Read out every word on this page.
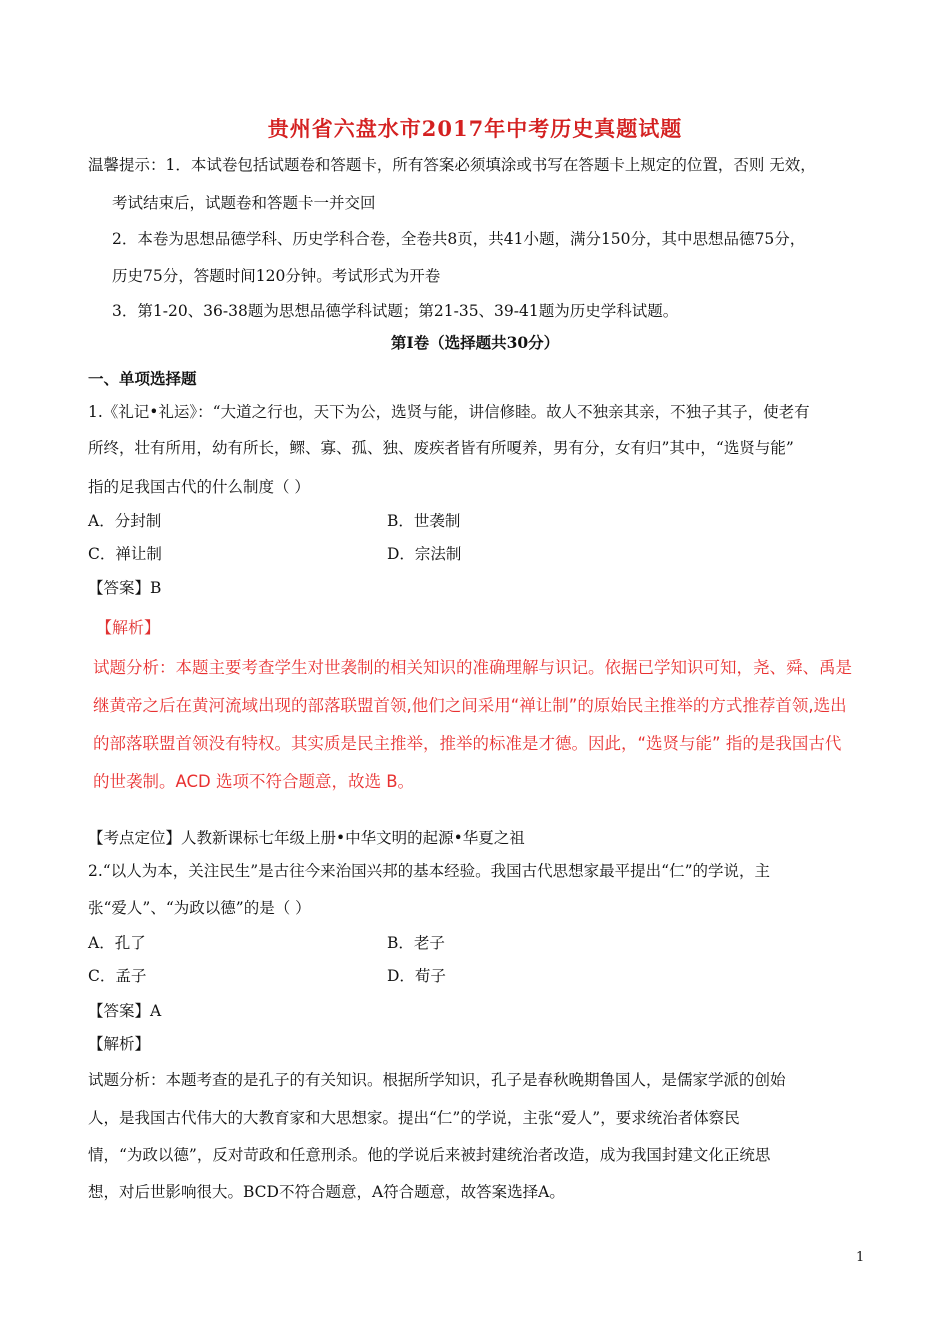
贵州省六盘水市2017年中考历史真题试题
温馨提示：1．本试卷包括试题卷和答题卡，所有答案必须填涂或书写在答题卡上规定的位置，否则 无效，
考试结束后，试题卷和答题卡一并交回
2．本卷为思想品德学科、历史学科合卷，全卷共8页，共41小题，满分150分，其中思想品德75分，
历史75分，答题时间120分钟。考试形式为开卷
3．第1-20、36-38题为思想品德学科试题；第21-35、39-41题为历史学科试题。
第I卷（选择题共30分）
一、单项选择题
1.《礼记•礼运》：“大道之行也，天下为公，选贤与能，讲信修睦。故人不独亲其亲，不独子其子，使老有
所终，壮有所用，幼有所长，鳏、寡、孤、独、废疾者皆有所嗄养，男有分，女有归”其中，“选贤与能”
指的足我国古代的什么制度（ ）
A．分封制	B．世袭制
C．禅让制	D．宗法制
【答案】B
【解析】
试题分析：本题主要考查学生对世袭制的相关知识的准确理解与识记。依据已学知识可知，尧、舜、禹是
继黄帝之后在黄河流域出现的部落联盟首领,他们之间采用“禅让制”的原始民主推举的方式推荐首领,选出
的部落联盟首领没有特权。其实质是民主推举，推举的标准是才德。因此，“选贤与能” 指的是我国古代
的世袭制。ACD 选项不符合题意，故选 B。
【考点定位】人教新课标七年级上册•中华文明的起源•华夏之祖
2.“以人为本，关注民生”是古往今来治国兴邦的基本经验。我国古代思想家最平提出“仁”的学说，主
张“爱人”、“为政以德”的是（ ）
A．孔了	B．老子
C．孟子	D．荀子
【答案】A
【解析】
试题分析：本题考查的是孔子的有关知识。根据所学知识，孔子是春秋晚期鲁国人，是儒家学派的创始
人，是我国古代伟大的大教育家和大思想家。提出“仁”的学说，主张“爱人”，要求统治者体察民
情，“为政以德”，反对苛政和任意刑杀。他的学说后来被封建统治者改造，成为我国封建文化正统思
想，对后世影响很大。BCD不符合题意，A符合题意，故答案选择A。
1
